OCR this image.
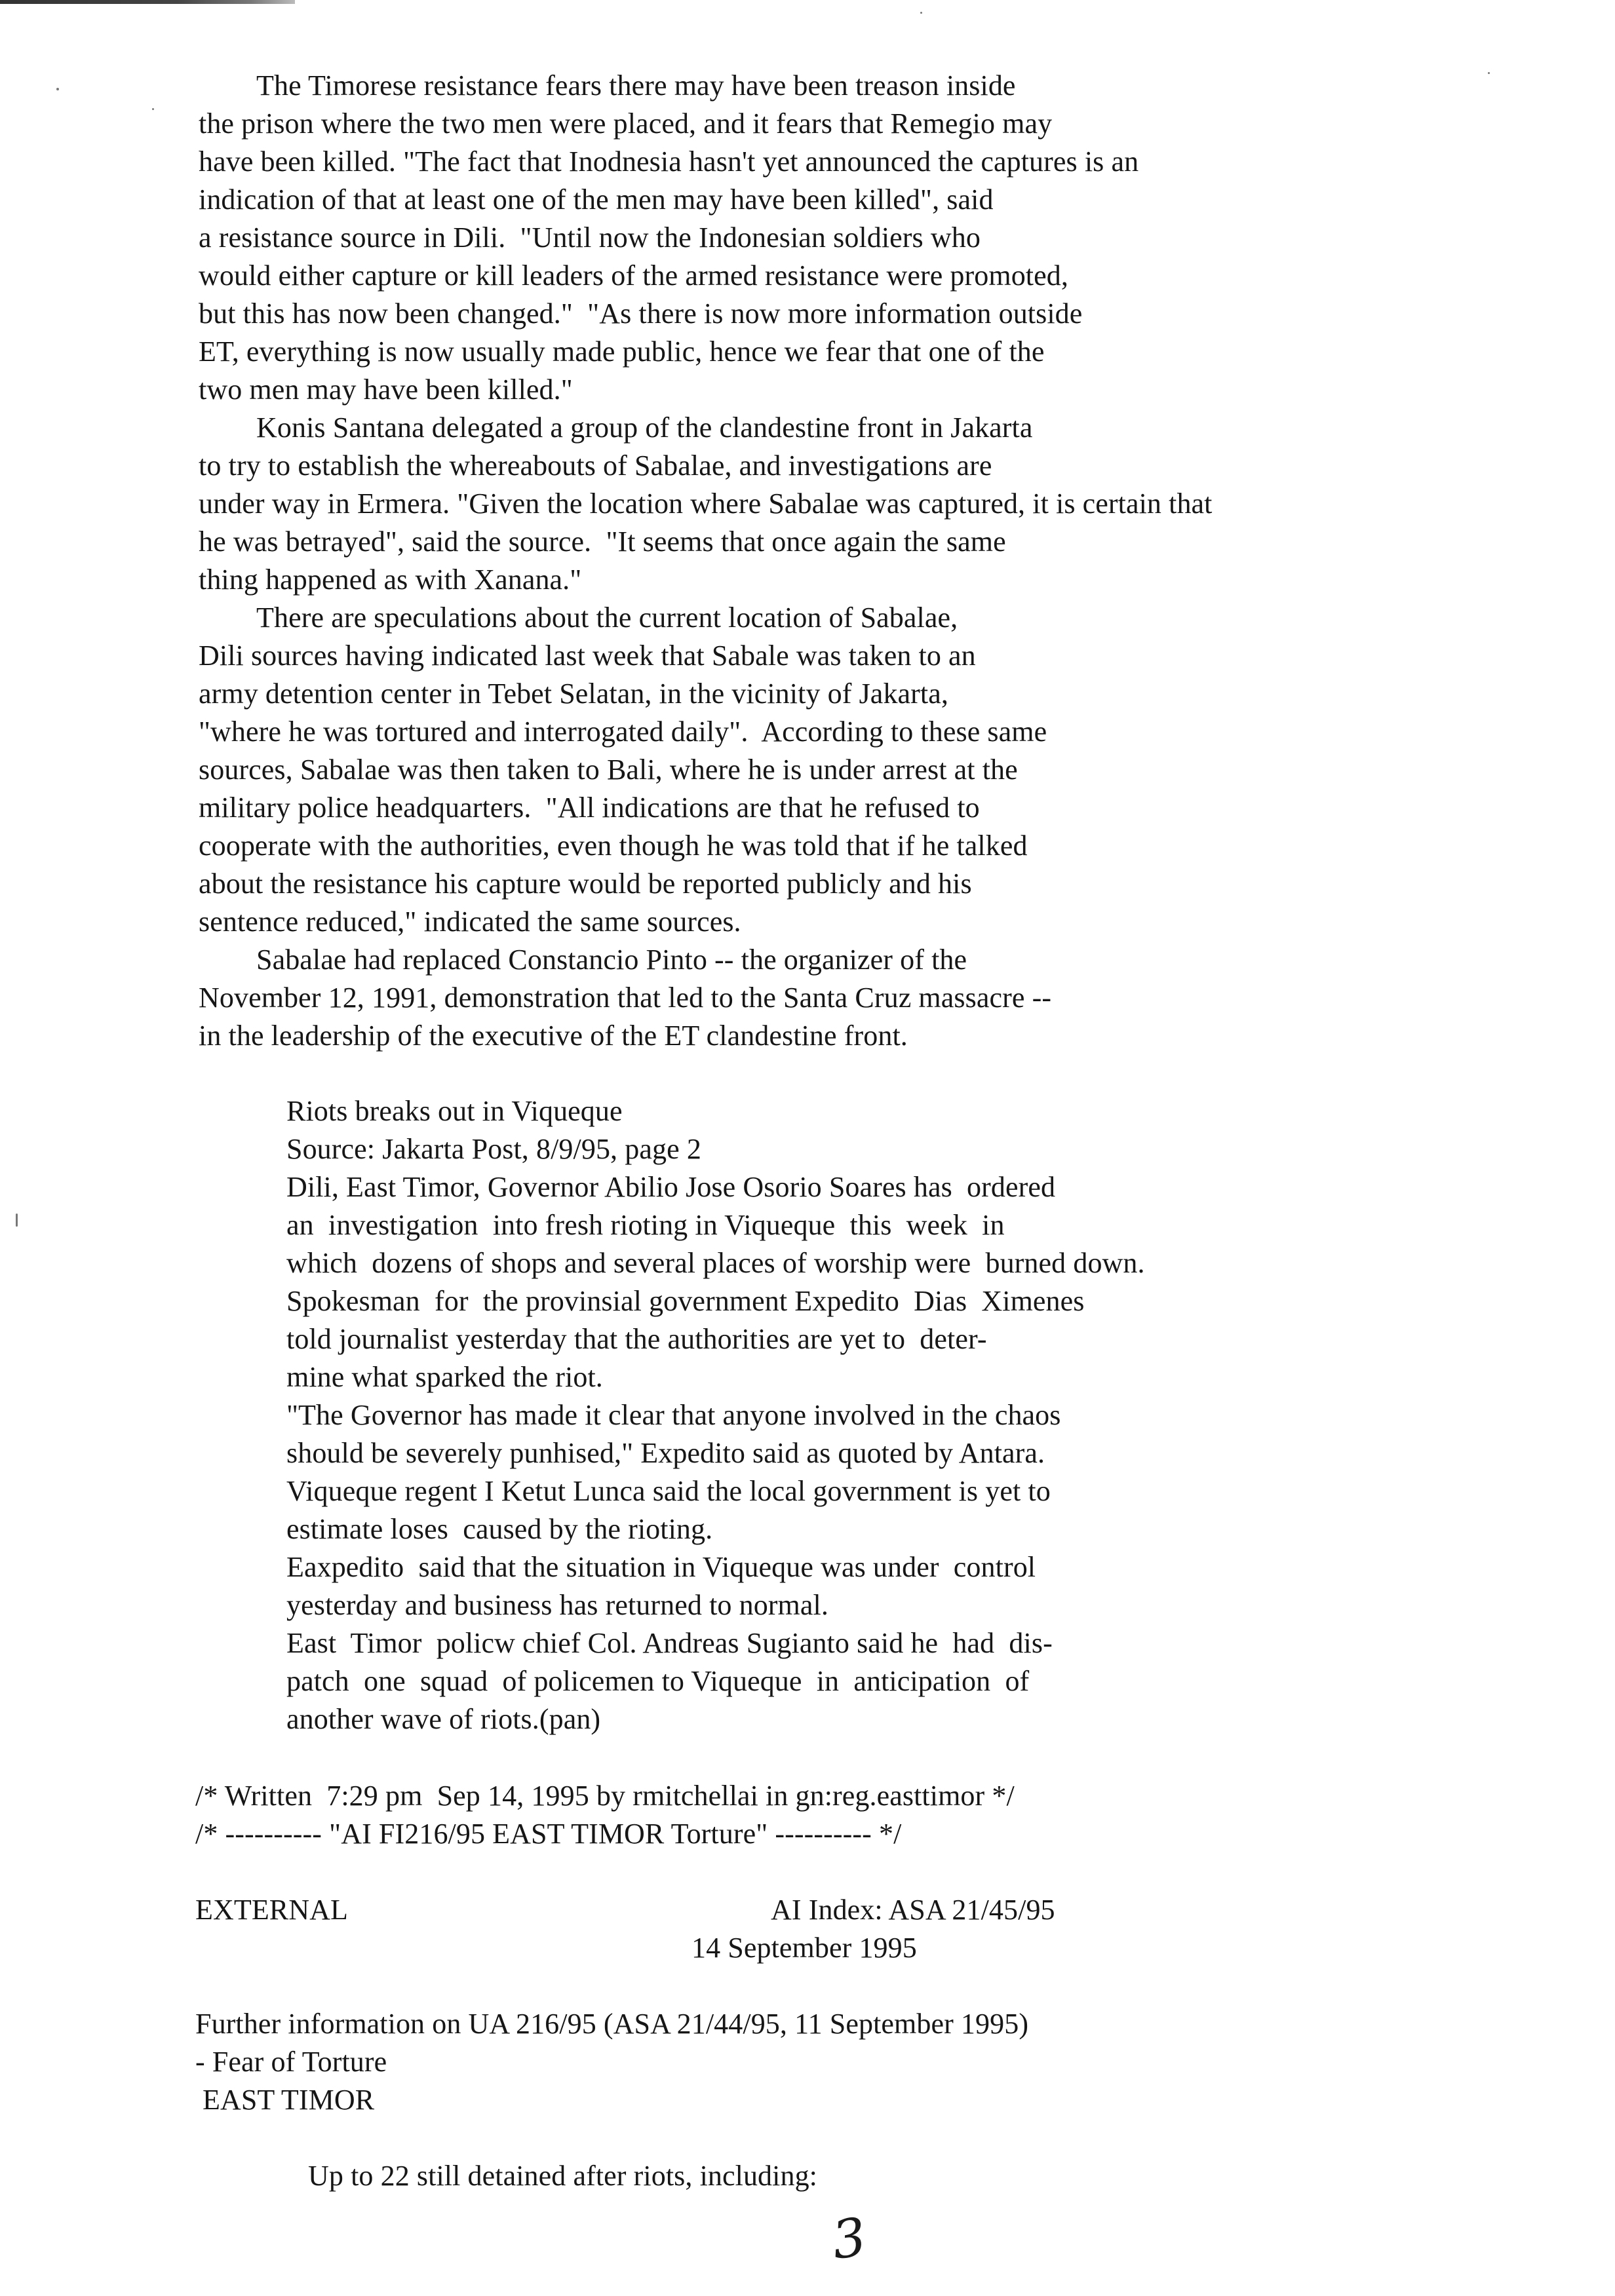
The Timorese resistance fears there may have been treason inside
the prison where the two men were placed, and it fears that Remegio may
have been killed. "The fact that Inodnesia hasn't yet announced the captures is an
indication of that at least one of the men may have been killed", said
a resistance source in Dili.  "Until now the Indonesian soldiers who
would either capture or kill leaders of the armed resistance were promoted,
but this has now been changed."  "As there is now more information outside
ET, everything is now usually made public, hence we fear that one of the
two men may have been killed."
Konis Santana delegated a group of the clandestine front in Jakarta
to try to establish the whereabouts of Sabalae, and investigations are
under way in Ermera. "Given the location where Sabalae was captured, it is certain that
he was betrayed", said the source.  "It seems that once again the same
thing happened as with Xanana."
There are speculations about the current location of Sabalae,
Dili sources having indicated last week that Sabale was taken to an
army detention center in Tebet Selatan, in the vicinity of Jakarta,
"where he was tortured and interrogated daily".  According to these same
sources, Sabalae was then taken to Bali, where he is under arrest at the
military police headquarters.  "All indications are that he refused to
cooperate with the authorities, even though he was told that if he talked
about the resistance his capture would be reported publicly and his
sentence reduced," indicated the same sources.
Sabalae had replaced Constancio Pinto -- the organizer of the
November 12, 1991, demonstration that led to the Santa Cruz massacre --
in the leadership of the executive of the ET clandestine front.
Riots breaks out in Viqueque
Source: Jakarta Post, 8/9/95, page 2
Dili, East Timor, Governor Abilio Jose Osorio Soares has  ordered
an  investigation  into fresh rioting in Viqueque  this  week  in
which  dozens of shops and several places of worship were  burned down.
Spokesman  for  the provinsial government Expedito  Dias  Ximenes
told journalist yesterday that the authorities are yet to  deter-
mine what sparked the riot.
"The Governor has made it clear that anyone involved in the chaos
should be severely punhised," Expedito said as quoted by Antara.
Viqueque regent I Ketut Lunca said the local government is yet to
estimate loses  caused by the rioting.
Eaxpedito  said that the situation in Viqueque was under  control
yesterday and business has returned to normal.
East  Timor  policw chief Col. Andreas Sugianto said he  had  dis-
patch  one  squad  of policemen to Viqueque  in  anticipation  of
another wave of riots.(pan)
/* Written  7:29 pm  Sep 14, 1995 by rmitchellai in gn:reg.easttimor */
/* ---------- "AI FI216/95 EAST TIMOR Torture" ---------- */
EXTERNAL	AI Index: ASA 21/45/95
14 September 1995
Further information on UA 216/95 (ASA 21/44/95, 11 September 1995)
- Fear of Torture
EAST TIMOR
Up to 22 still detained after riots, including:
3
